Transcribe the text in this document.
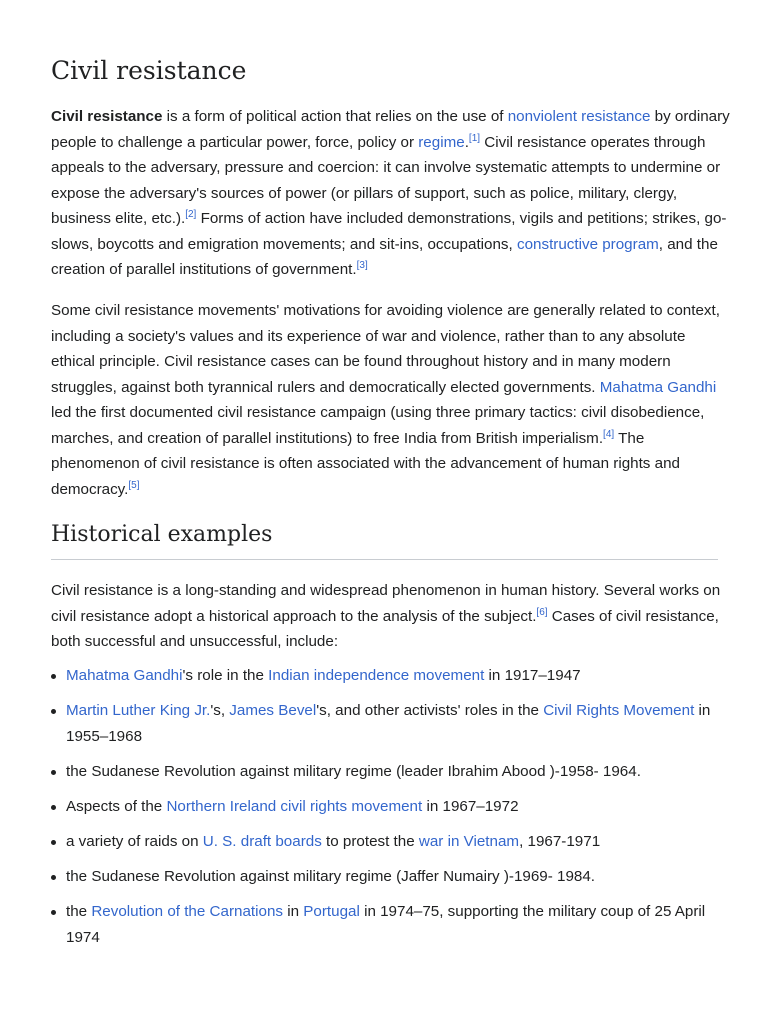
Civil resistance

Civil resistance is a form of political action that relies on the use of nonviolent resistance by ordinary people to challenge a particular power, force, policy or regime.[1] Civil resistance operates through appeals to the adversary, pressure and coercion: it can involve systematic attempts to undermine or expose the adversary's sources of power (or pillars of support, such as police, military, clergy, business elite, etc.).[2] Forms of action have included demonstrations, vigils and petitions; strikes, go-slows, boycotts and emigration movements; and sit-ins, occupations, constructive program, and the creation of parallel institutions of government.[3]

Some civil resistance movements' motivations for avoiding violence are generally related to context, including a society's values and its experience of war and violence, rather than to any absolute ethical principle. Civil resistance cases can be found throughout history and in many modern struggles, against both tyrannical rulers and democratically elected governments. Mahatma Gandhi led the first documented civil resistance campaign (using three primary tactics: civil disobedience, marches, and creation of parallel institutions) to free India from British imperialism.[4] The phenomenon of civil resistance is often associated with the advancement of human rights and democracy.[5]

Historical examples

Civil resistance is a long-standing and widespread phenomenon in human history. Several works on civil resistance adopt a historical approach to the analysis of the subject.[6] Cases of civil resistance, both successful and unsuccessful, include:

Mahatma Gandhi's role in the Indian independence movement in 1917–1947
Martin Luther King Jr.'s, James Bevel's, and other activists' roles in the Civil Rights Movement in 1955–1968
the Sudanese Revolution against military regime (leader Ibrahim Abood )-1958- 1964.
Aspects of the Northern Ireland civil rights movement in 1967–1972
a variety of raids on U. S. draft boards to protest the war in Vietnam, 1967-1971
the Sudanese Revolution against military regime (Jaffer Numairy )-1969- 1984.
the Revolution of the Carnations in Portugal in 1974–75, supporting the military coup of 25 April 1974
